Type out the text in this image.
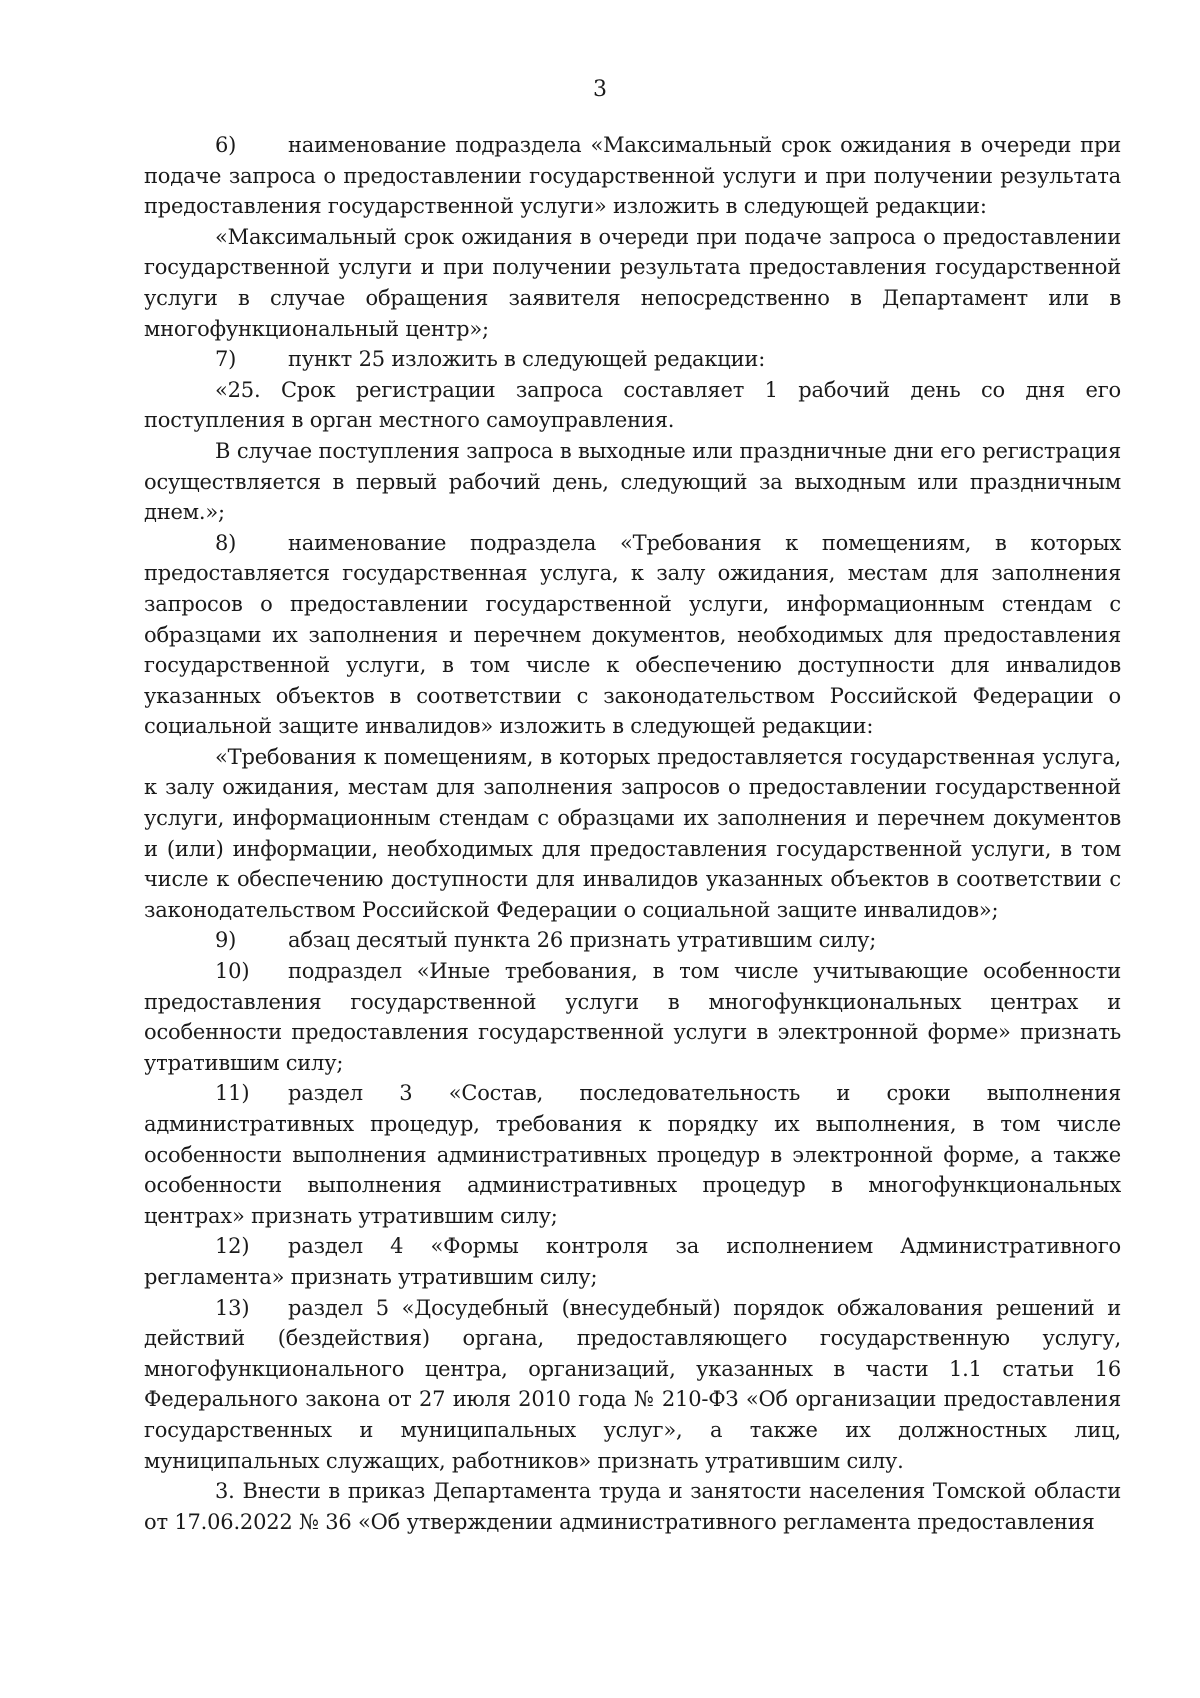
3

6) наименование подраздела «Максимальный срок ожидания в очереди при подаче запроса о предоставлении государственной услуги и при получении результата предоставления государственной услуги» изложить в следующей редакции:

«Максимальный срок ожидания в очереди при подаче запроса о предоставлении государственной услуги и при получении результата предоставления государственной услуги в случае обращения заявителя непосредственно в Департамент или в многофункциональный центр»;

7) пункт 25 изложить в следующей редакции:

«25. Срок регистрации запроса составляет 1 рабочий день со дня его поступления в орган местного самоуправления.

В случае поступления запроса в выходные или праздничные дни его регистрация осуществляется в первый рабочий день, следующий за выходным или праздничным днем.»;

8) наименование подраздела «Требования к помещениям, в которых предоставляется государственная услуга, к залу ожидания, местам для заполнения запросов о предоставлении государственной услуги, информационным стендам с образцами их заполнения и перечнем документов, необходимых для предоставления государственной услуги, в том числе к обеспечению доступности для инвалидов указанных объектов в соответствии с законодательством Российской Федерации о социальной защите инвалидов» изложить в следующей редакции:

«Требования к помещениям, в которых предоставляется государственная услуга, к залу ожидания, местам для заполнения запросов о предоставлении государственной услуги, информационным стендам с образцами их заполнения и перечнем документов и (или) информации, необходимых для предоставления государственной услуги, в том числе к обеспечению доступности для инвалидов указанных объектов в соответствии с законодательством Российской Федерации о социальной защите инвалидов»;

9) абзац десятый пункта 26 признать утратившим силу;

10) подраздел «Иные требования, в том числе учитывающие особенности предоставления государственной услуги в многофункциональных центрах и особенности предоставления государственной услуги в электронной форме» признать утратившим силу;

11) раздел 3 «Состав, последовательность и сроки выполнения административных процедур, требования к порядку их выполнения, в том числе особенности выполнения административных процедур в электронной форме, а также особенности выполнения административных процедур в многофункциональных центрах» признать утратившим силу;

12) раздел 4 «Формы контроля за исполнением Административного регламента» признать утратившим силу;

13) раздел 5 «Досудебный (внесудебный) порядок обжалования решений и действий (бездействия) органа, предоставляющего государственную услугу, многофункционального центра, организаций, указанных в части 1.1 статьи 16 Федерального закона от 27 июля 2010 года № 210-ФЗ «Об организации предоставления государственных и муниципальных услуг», а также их должностных лиц, муниципальных служащих, работников» признать утратившим силу.

3. Внести в приказ Департамента труда и занятости населения Томской области от 17.06.2022 № 36 «Об утверждении административного регламента предоставления
